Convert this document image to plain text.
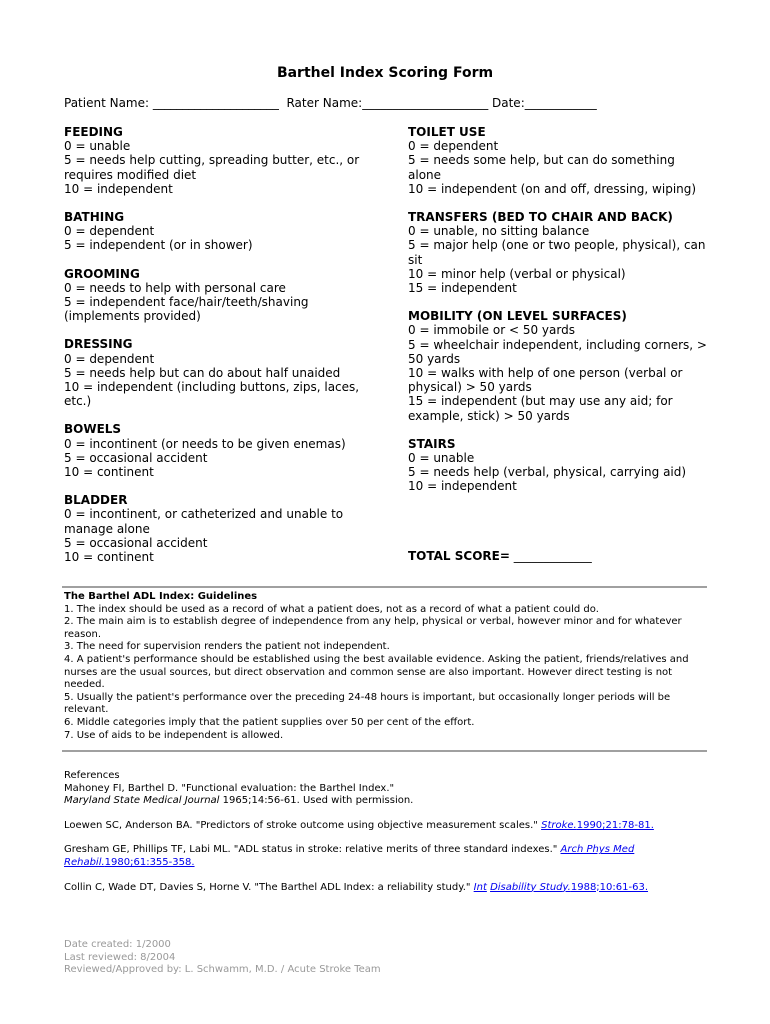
Barthel Index Scoring Form
Patient Name: _____________________  Rater Name:_____________________ Date:____________
FEEDING
0 = unable
5 = needs help cutting, spreading butter, etc., or requires modified diet
10 = independent
BATHING
0 = dependent
5 = independent (or in shower)
GROOMING
0 = needs to help with personal care
5 = independent face/hair/teeth/shaving (implements provided)
DRESSING
0 = dependent
5 = needs help but can do about half unaided
10 = independent (including buttons, zips, laces, etc.)
BOWELS
0 = incontinent (or needs to be given enemas)
5 = occasional accident
10 = continent
BLADDER
0 = incontinent, or catheterized and unable to manage alone
5 = occasional accident
10 = continent
TOILET USE
0 = dependent
5 = needs some help, but can do something alone
10 = independent (on and off, dressing, wiping)
TRANSFERS (BED TO CHAIR AND BACK)
0 = unable, no sitting balance
5 = major help (one or two people, physical), can sit
10 = minor help (verbal or physical)
15 = independent
MOBILITY (ON LEVEL SURFACES)
0 = immobile or < 50 yards
5 = wheelchair independent, including corners, > 50 yards
10 = walks with help of one person (verbal or physical) > 50 yards
15 = independent (but may use any aid; for example, stick) > 50 yards
STAIRS
0 = unable
5 = needs help (verbal, physical, carrying aid)
10 = independent
TOTAL SCORE= _____________
The Barthel ADL Index: Guidelines
1. The index should be used as a record of what a patient does, not as a record of what a patient could do.
2. The main aim is to establish degree of independence from any help, physical or verbal, however minor and for whatever reason.
3. The need for supervision renders the patient not independent.
4. A patient's performance should be established using the best available evidence. Asking the patient, friends/relatives and nurses are the usual sources, but direct observation and common sense are also important. However direct testing is not needed.
5. Usually the patient's performance over the preceding 24-48 hours is important, but occasionally longer periods will be relevant.
6. Middle categories imply that the patient supplies over 50 per cent of the effort.
7. Use of aids to be independent is allowed.
References
Mahoney FI, Barthel D. "Functional evaluation: the Barthel Index."
Maryland State Medical Journal 1965;14:56-61. Used with permission.
Loewen SC, Anderson BA. "Predictors of stroke outcome using objective measurement scales." Stroke.1990;21:78-81.
Gresham GE, Phillips TF, Labi ML. "ADL status in stroke: relative merits of three standard indexes." Arch Phys Med Rehabil.1980;61:355-358.
Collin C, Wade DT, Davies S, Horne V. "The Barthel ADL Index: a reliability study." Int Disability Study.1988;10:61-63.
Date created: 1/2000
Last reviewed: 8/2004
Reviewed/Approved by: L. Schwamm, M.D. / Acute Stroke Team
